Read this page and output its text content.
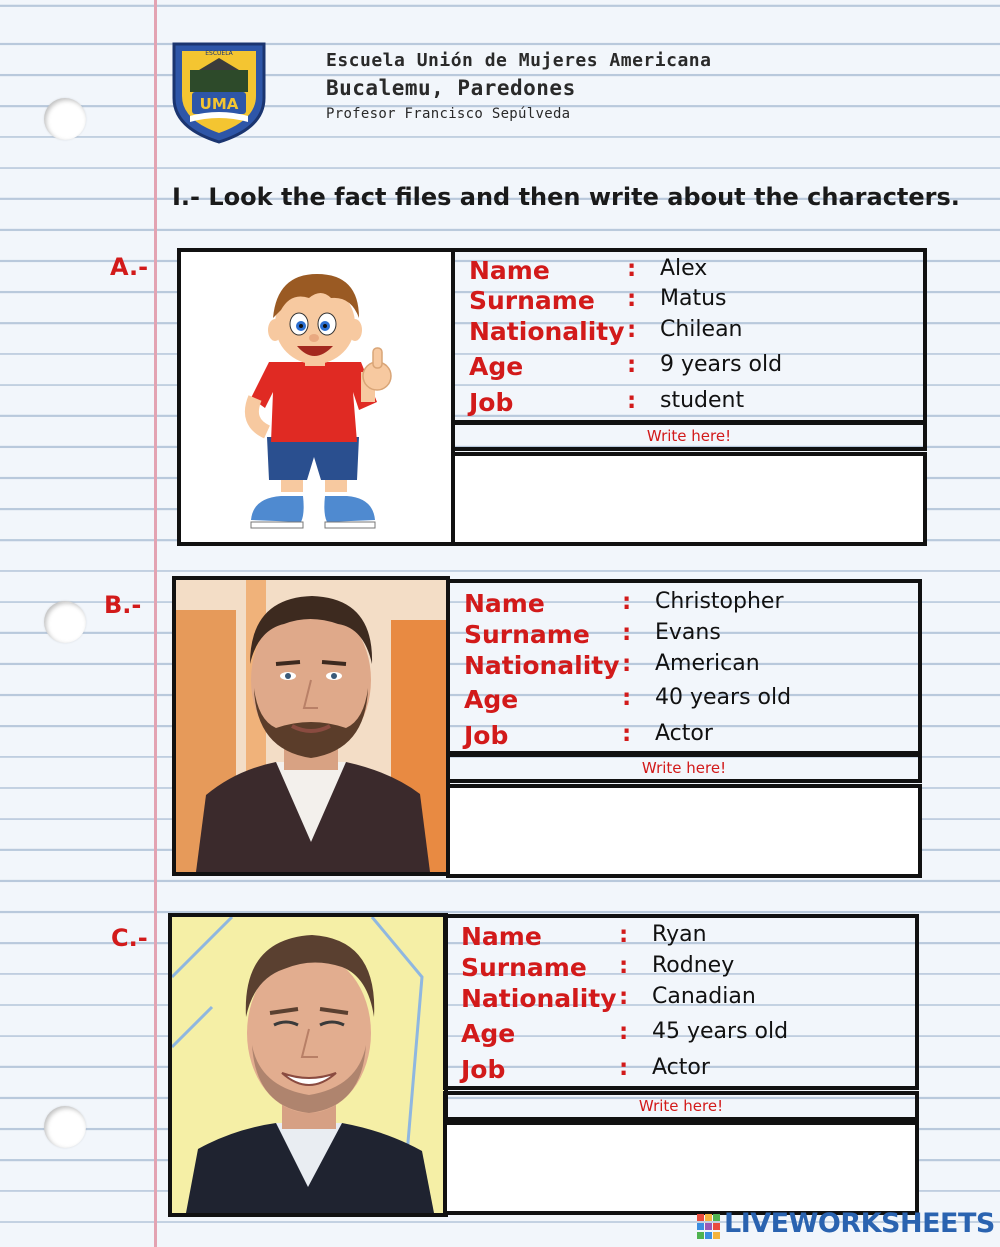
UMA
ESCUELA	Escuela Unión de Mujeres Americana
Bucalemu, Paredones
Profesor Francisco Sepúlveda
I.- Look the fact files and then write about the characters.
A.-	Name	: Alex
Surname : Matus
Nationality : Chilean
Age	: 9 years old
Job	: student
Write here!
B.-	Name	: Christopher
Surname : Evans
Nationality : American
Age	: 40 years old
Job	: Actor
Write here!
C.-	Name	: Ryan
Surname : Rodney
Nationality : Canadian
Age	: 45 years old
Job	: Actor
Write here!
LIVEWORKSHEETS
